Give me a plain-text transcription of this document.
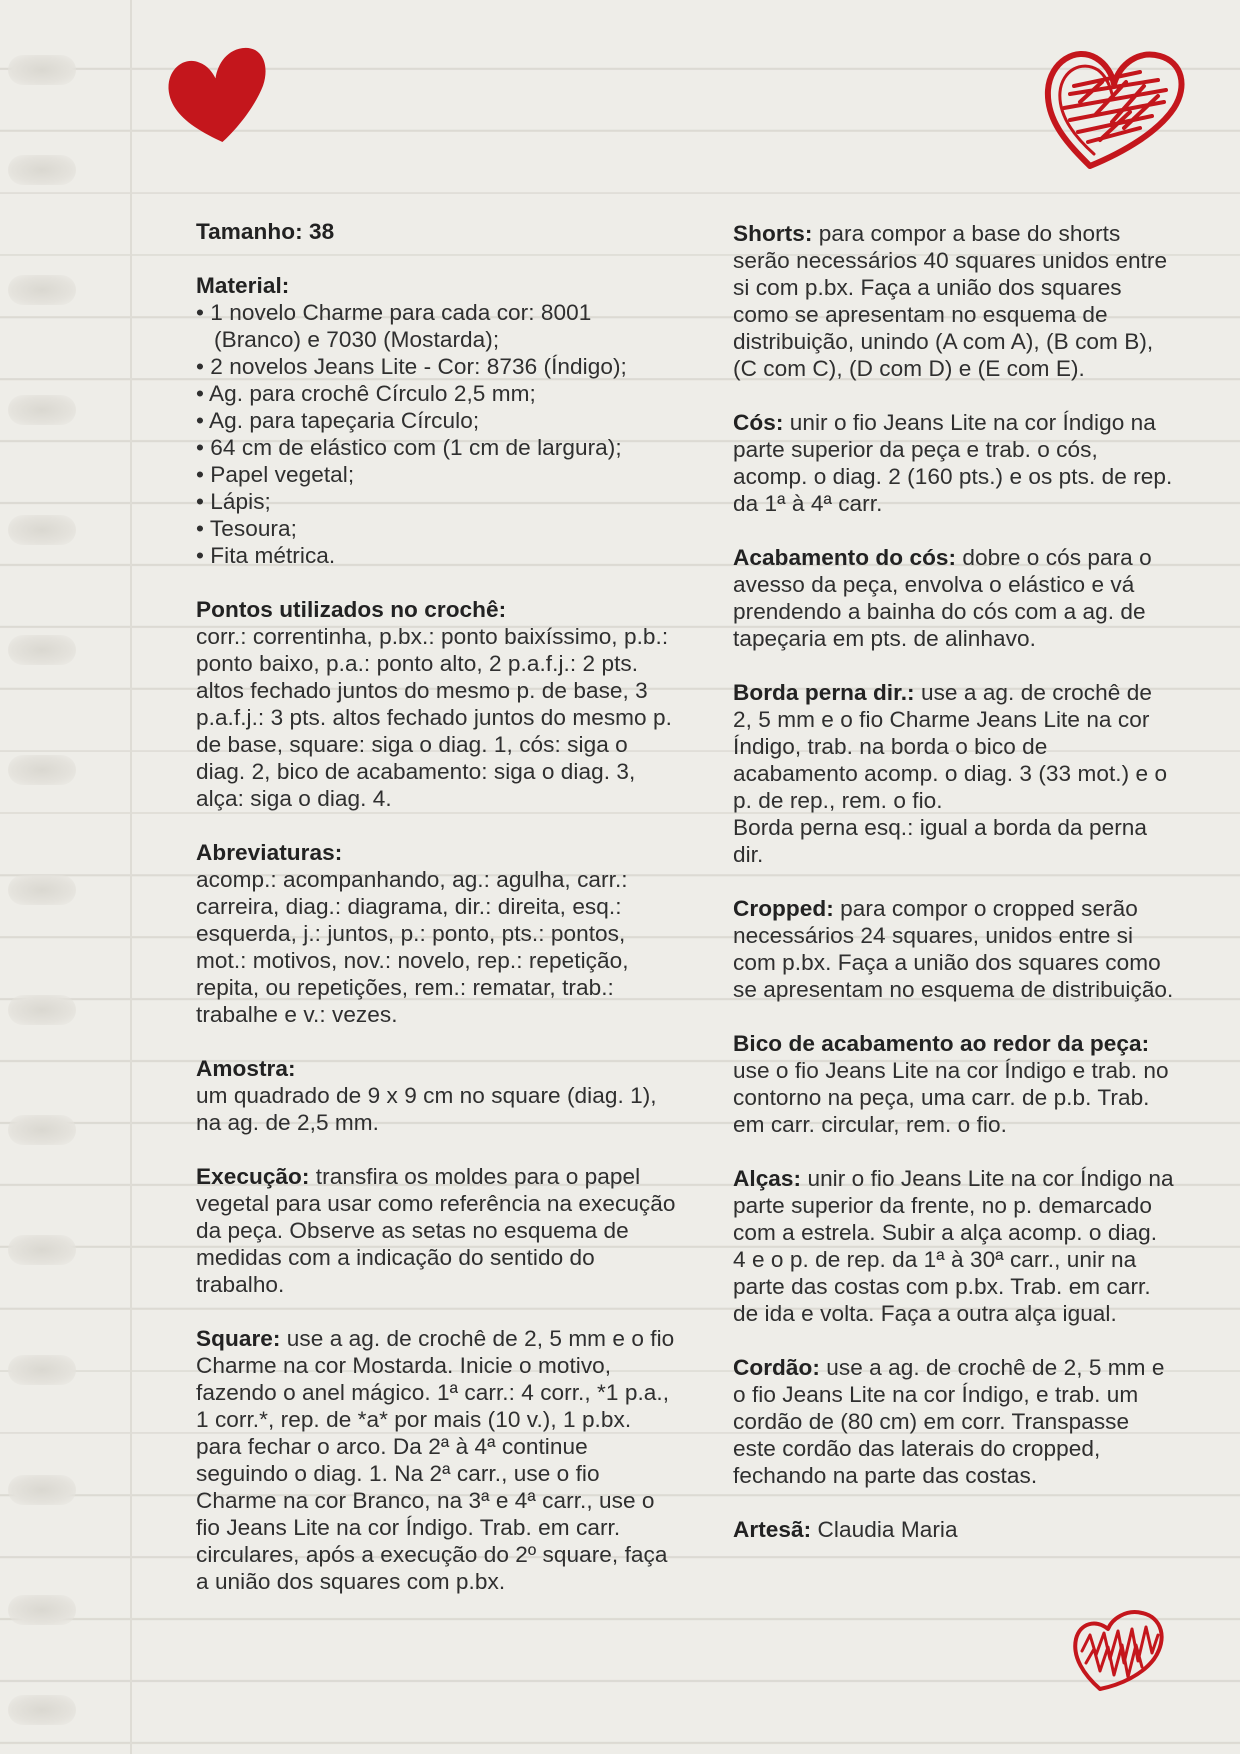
Tamanho: 38

Material:

• 1 novelo Charme para cada cor: 8001 (Branco) e 7030 (Mostarda);
• 2 novelos Jeans Lite - Cor: 8736 (Índigo);
• Ag. para crochê Círculo 2,5 mm;
• Ag. para tapeçaria Círculo;
• 64 cm de elástico com (1 cm de largura);
• Papel vegetal;
• Lápis;
• Tesoura;
• Fita métrica.

Pontos utilizados no crochê:

corr.: correntinha, p.bx.: ponto baixíssimo, p.b.: ponto baixo, p.a.: ponto alto, 2 p.a.f.j.: 2 pts. altos fechado juntos do mesmo p. de base, 3 p.a.f.j.: 3 pts. altos fechado juntos do mesmo p. de base, square: siga o diag. 1, cós: siga o diag. 2, bico de acabamento: siga o diag. 3, alça: siga o diag. 4.

Abreviaturas:

acomp.: acompanhando, ag.: agulha, carr.: carreira, diag.: diagrama, dir.: direita, esq.: esquerda, j.: juntos, p.: ponto, pts.: pontos, mot.: motivos, nov.: novelo, rep.: repetição, repita, ou repetições, rem.: rematar, trab.: trabalhe e v.: vezes.

Amostra:

um quadrado de 9 x 9 cm no square (diag. 1), na ag. de 2,5 mm.

Execução: transfira os moldes para o papel vegetal para usar como referência na execução da peça. Observe as setas no esquema de medidas com a indicação do sentido do trabalho.

Square: use a ag. de crochê de 2, 5 mm e o fio Charme na cor Mostarda. Inicie o motivo, fazendo o anel mágico. 1ª carr.: 4 corr., *1 p.a., 1 corr.*, rep. de *a* por mais (10 v.), 1 p.bx. para fechar o arco. Da 2ª à 4ª continue seguindo o diag. 1. Na 2ª carr., use o fio Charme na cor Branco, na 3ª e 4ª carr., use o fio Jeans Lite na cor Índigo. Trab. em carr. circulares, após a execução do 2º square, faça a união dos squares com p.bx.

Shorts: para compor a base do shorts serão necessários 40 squares unidos entre si com p.bx. Faça a união dos squares como se apresentam no esquema de distribuição, unindo (A com A), (B com B), (C com C), (D com D) e (E com E).

Cós: unir o fio Jeans Lite na cor Índigo na parte superior da peça e trab. o cós, acomp. o diag. 2 (160 pts.) e os pts. de rep. da 1ª à 4ª carr.

Acabamento do cós: dobre o cós para o avesso da peça, envolva o elástico e vá prendendo a bainha do cós com a ag. de tapeçaria em pts. de alinhavo.

Borda perna dir.: use a ag. de crochê de 2, 5 mm e o fio Charme Jeans Lite na cor Índigo, trab. na borda o bico de acabamento acomp. o diag. 3 (33 mot.) e o p. de rep., rem. o fio.

Borda perna esq.: igual a borda da perna dir.

Cropped: para compor o cropped serão necessários 24 squares, unidos entre si com p.bx. Faça a união dos squares como se apresentam no esquema de distribuição.

Bico de acabamento ao redor da peça: use o fio Jeans Lite na cor Índigo e trab. no contorno na peça, uma carr. de p.b. Trab. em carr. circular, rem. o fio.

Alças: unir o fio Jeans Lite na cor Índigo na parte superior da frente, no p. demarcado com a estrela. Subir a alça acomp. o diag. 4 e o p. de rep. da 1ª à 30ª carr., unir na parte das costas com p.bx. Trab. em carr. de ida e volta. Faça a outra alça igual.

Cordão: use a ag. de crochê de 2, 5 mm e o fio Jeans Lite na cor Índigo, e trab. um cordão de (80 cm) em corr. Transpasse este cordão das laterais do cropped, fechando na parte das costas.

Artesã: Claudia Maria
